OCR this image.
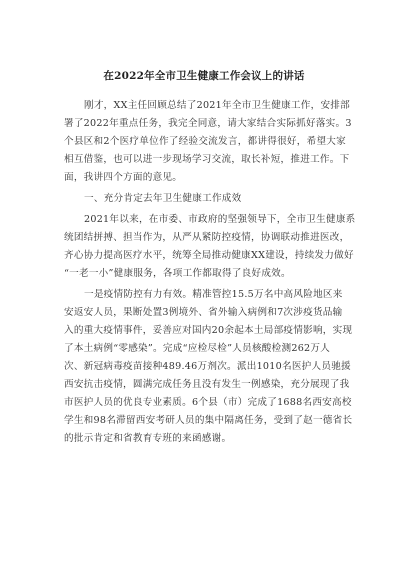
在2022年全市卫生健康工作会议上的讲话
刚才，XX主任回顾总结了2021年全市卫生健康工作，安排部
署了2022年重点任务，我完全同意，请大家结合实际抓好落实。3
个县区和2个医疗单位作了经验交流发言，都讲得很好，希望大家
相互借鉴，也可以进一步现场学习交流，取长补短，推进工作。下
面，我讲四个方面的意见。
一、充分肯定去年卫生健康工作成效
2021年以来，在市委、市政府的坚强领导下，全市卫生健康系
统团结拼搏、担当作为，从严从紧防控疫情，协调联动推进医改，
齐心协力提高医疗水平，统筹全局推动健康XX建设，持续发力做好
“一老一小”健康服务，各项工作都取得了良好成效。
一是疫情防控有力有效。精准管控15.5万名中高风险地区来
安返安人员，果断处置3例境外、省外输入病例和7次涉疫货品输
入的重大疫情事件，妥善应对国内20余起本土局部疫情影响，实现
了本土病例“零感染”。完成“应检尽检”人员核酸检测262万人
次、新冠病毒疫苗接种489.46万剂次。派出1010名医护人员驰援
西安抗击疫情，圆满完成任务且没有发生一例感染，充分展现了我
市医护人员的优良专业素质。6个县（市）完成了1688名西安高校
学生和98名滞留西安考研人员的集中隔离任务，受到了赵一德省长
的批示肯定和省教育专班的来函感谢。
